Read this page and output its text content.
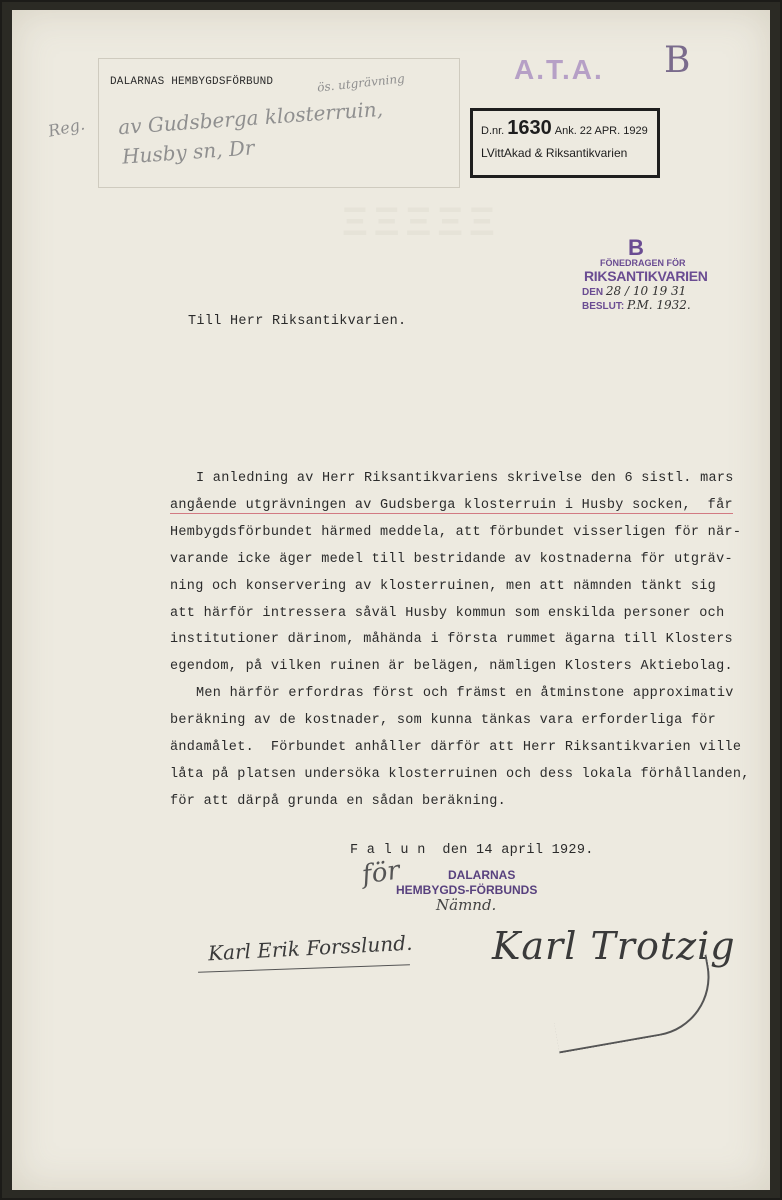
ΞΞΞΞΞ
DALARNAS HEMBYGDSFÖRBUND	ös. utgrävning
av Gudsberga klosterruin,
Husby sn, Dr
Reg.
A.T.A. B
D.nr. 1630 Ank. 22 APR. 1929
LVittAkad & Riksantikvarien
B
FÖNEDRAGEN FÖR
RIKSANTIKVARIEN
DEN 28 / 10 19 31
BESLUT: P.M. 1932.
Till Herr Riksantikvarien.

I anledning av Herr Riksantikvariens skrivelse den 6 sistl. mars

angående utgrävningen av Gudsberga klosterruin i Husby socken,  får

Hembygdsförbundet härmed meddela, att förbundet visserligen för när-

varande icke äger medel till bestridande av kostnaderna för utgräv-

ning och konservering av klosterruinen, men att nämnden tänkt sig

att härför intressera såväl Husby kommun som enskilda personer och

institutioner därinom, måhända i första rummet ägarna till Klosters

egendom, på vilken ruinen är belägen, nämligen Klosters Aktiebolag.

Men härför erfordras först och främst en åtminstone approximativ

beräkning av de kostnader, som kunna tänkas vara erforderliga för

ändamålet.  Förbundet anhåller därför att Herr Riksantikvarien ville

låta på platsen undersöka klosterruinen och dess lokala förhållanden,

för att därpå grunda en sådan beräkning.

F a l u n  den 14 april 1929.
för	DALARNAS
HEMBYGDS-FÖRBUNDS
Nämnd.
Karl Erik Forsslund. Karl Trotzig
